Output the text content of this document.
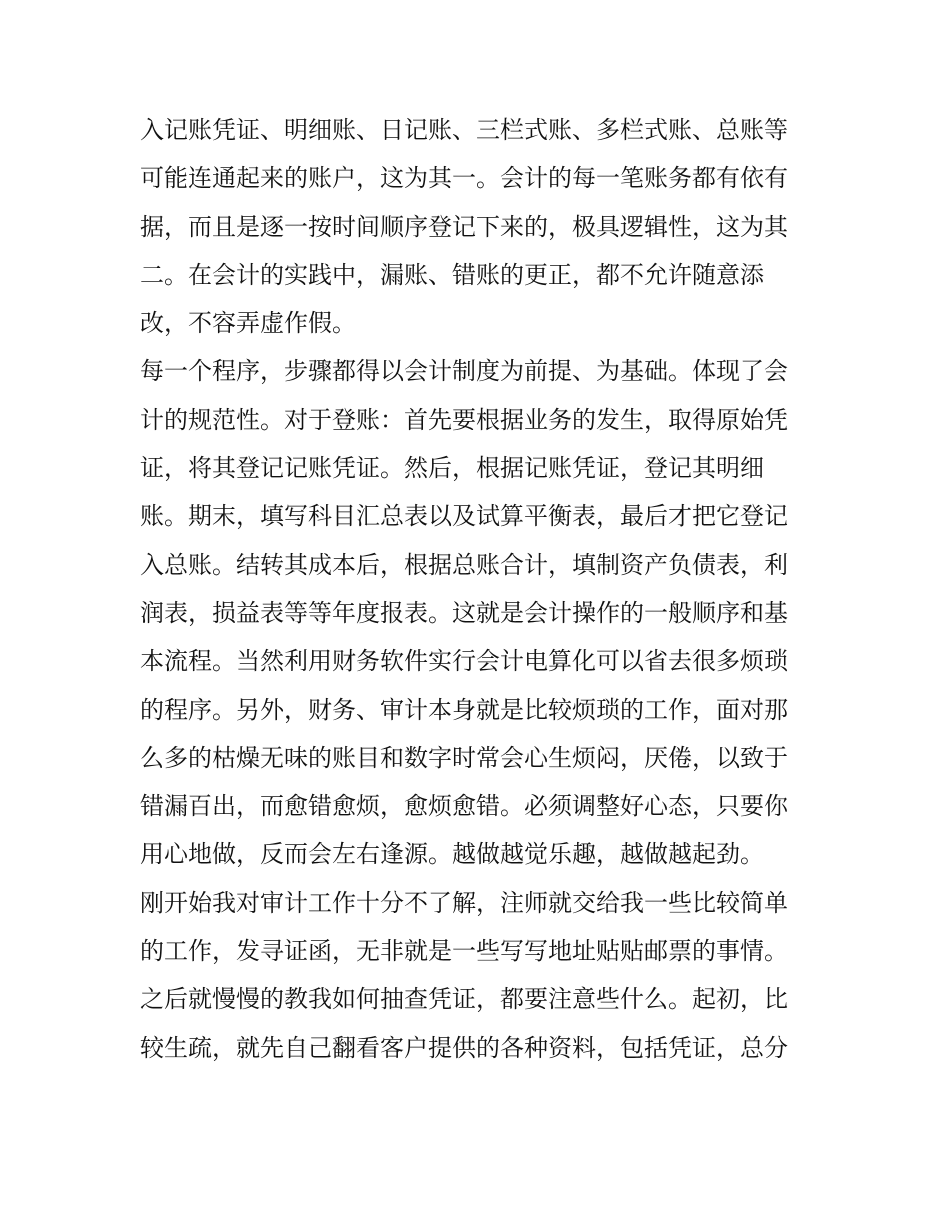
入记账凭证、明细账、日记账、三栏式账、多栏式账、总账等
可能连通起来的账户，这为其一。会计的每一笔账务都有依有
据，而且是逐一按时间顺序登记下来的，极具逻辑性，这为其
二。在会计的实践中，漏账、错账的更正，都不允许随意添
改，不容弄虚作假。
每一个程序，步骤都得以会计制度为前提、为基础。体现了会
计的规范性。对于登账：首先要根据业务的发生，取得原始凭
证，将其登记记账凭证。然后，根据记账凭证，登记其明细
账。期末，填写科目汇总表以及试算平衡表，最后才把它登记
入总账。结转其成本后，根据总账合计，填制资产负债表，利
润表，损益表等等年度报表。这就是会计操作的一般顺序和基
本流程。当然利用财务软件实行会计电算化可以省去很多烦琐
的程序。另外，财务、审计本身就是比较烦琐的工作，面对那
么多的枯燥无味的账目和数字时常会心生烦闷，厌倦，以致于
错漏百出，而愈错愈烦，愈烦愈错。必须调整好心态，只要你
用心地做，反而会左右逢源。越做越觉乐趣，越做越起劲。
刚开始我对审计工作十分不了解，注师就交给我一些比较简单
的工作，发寻证函，无非就是一些写写地址贴贴邮票的事情。
之后就慢慢的教我如何抽查凭证，都要注意些什么。起初，比
较生疏，就先自己翻看客户提供的各种资料，包括凭证，总分
